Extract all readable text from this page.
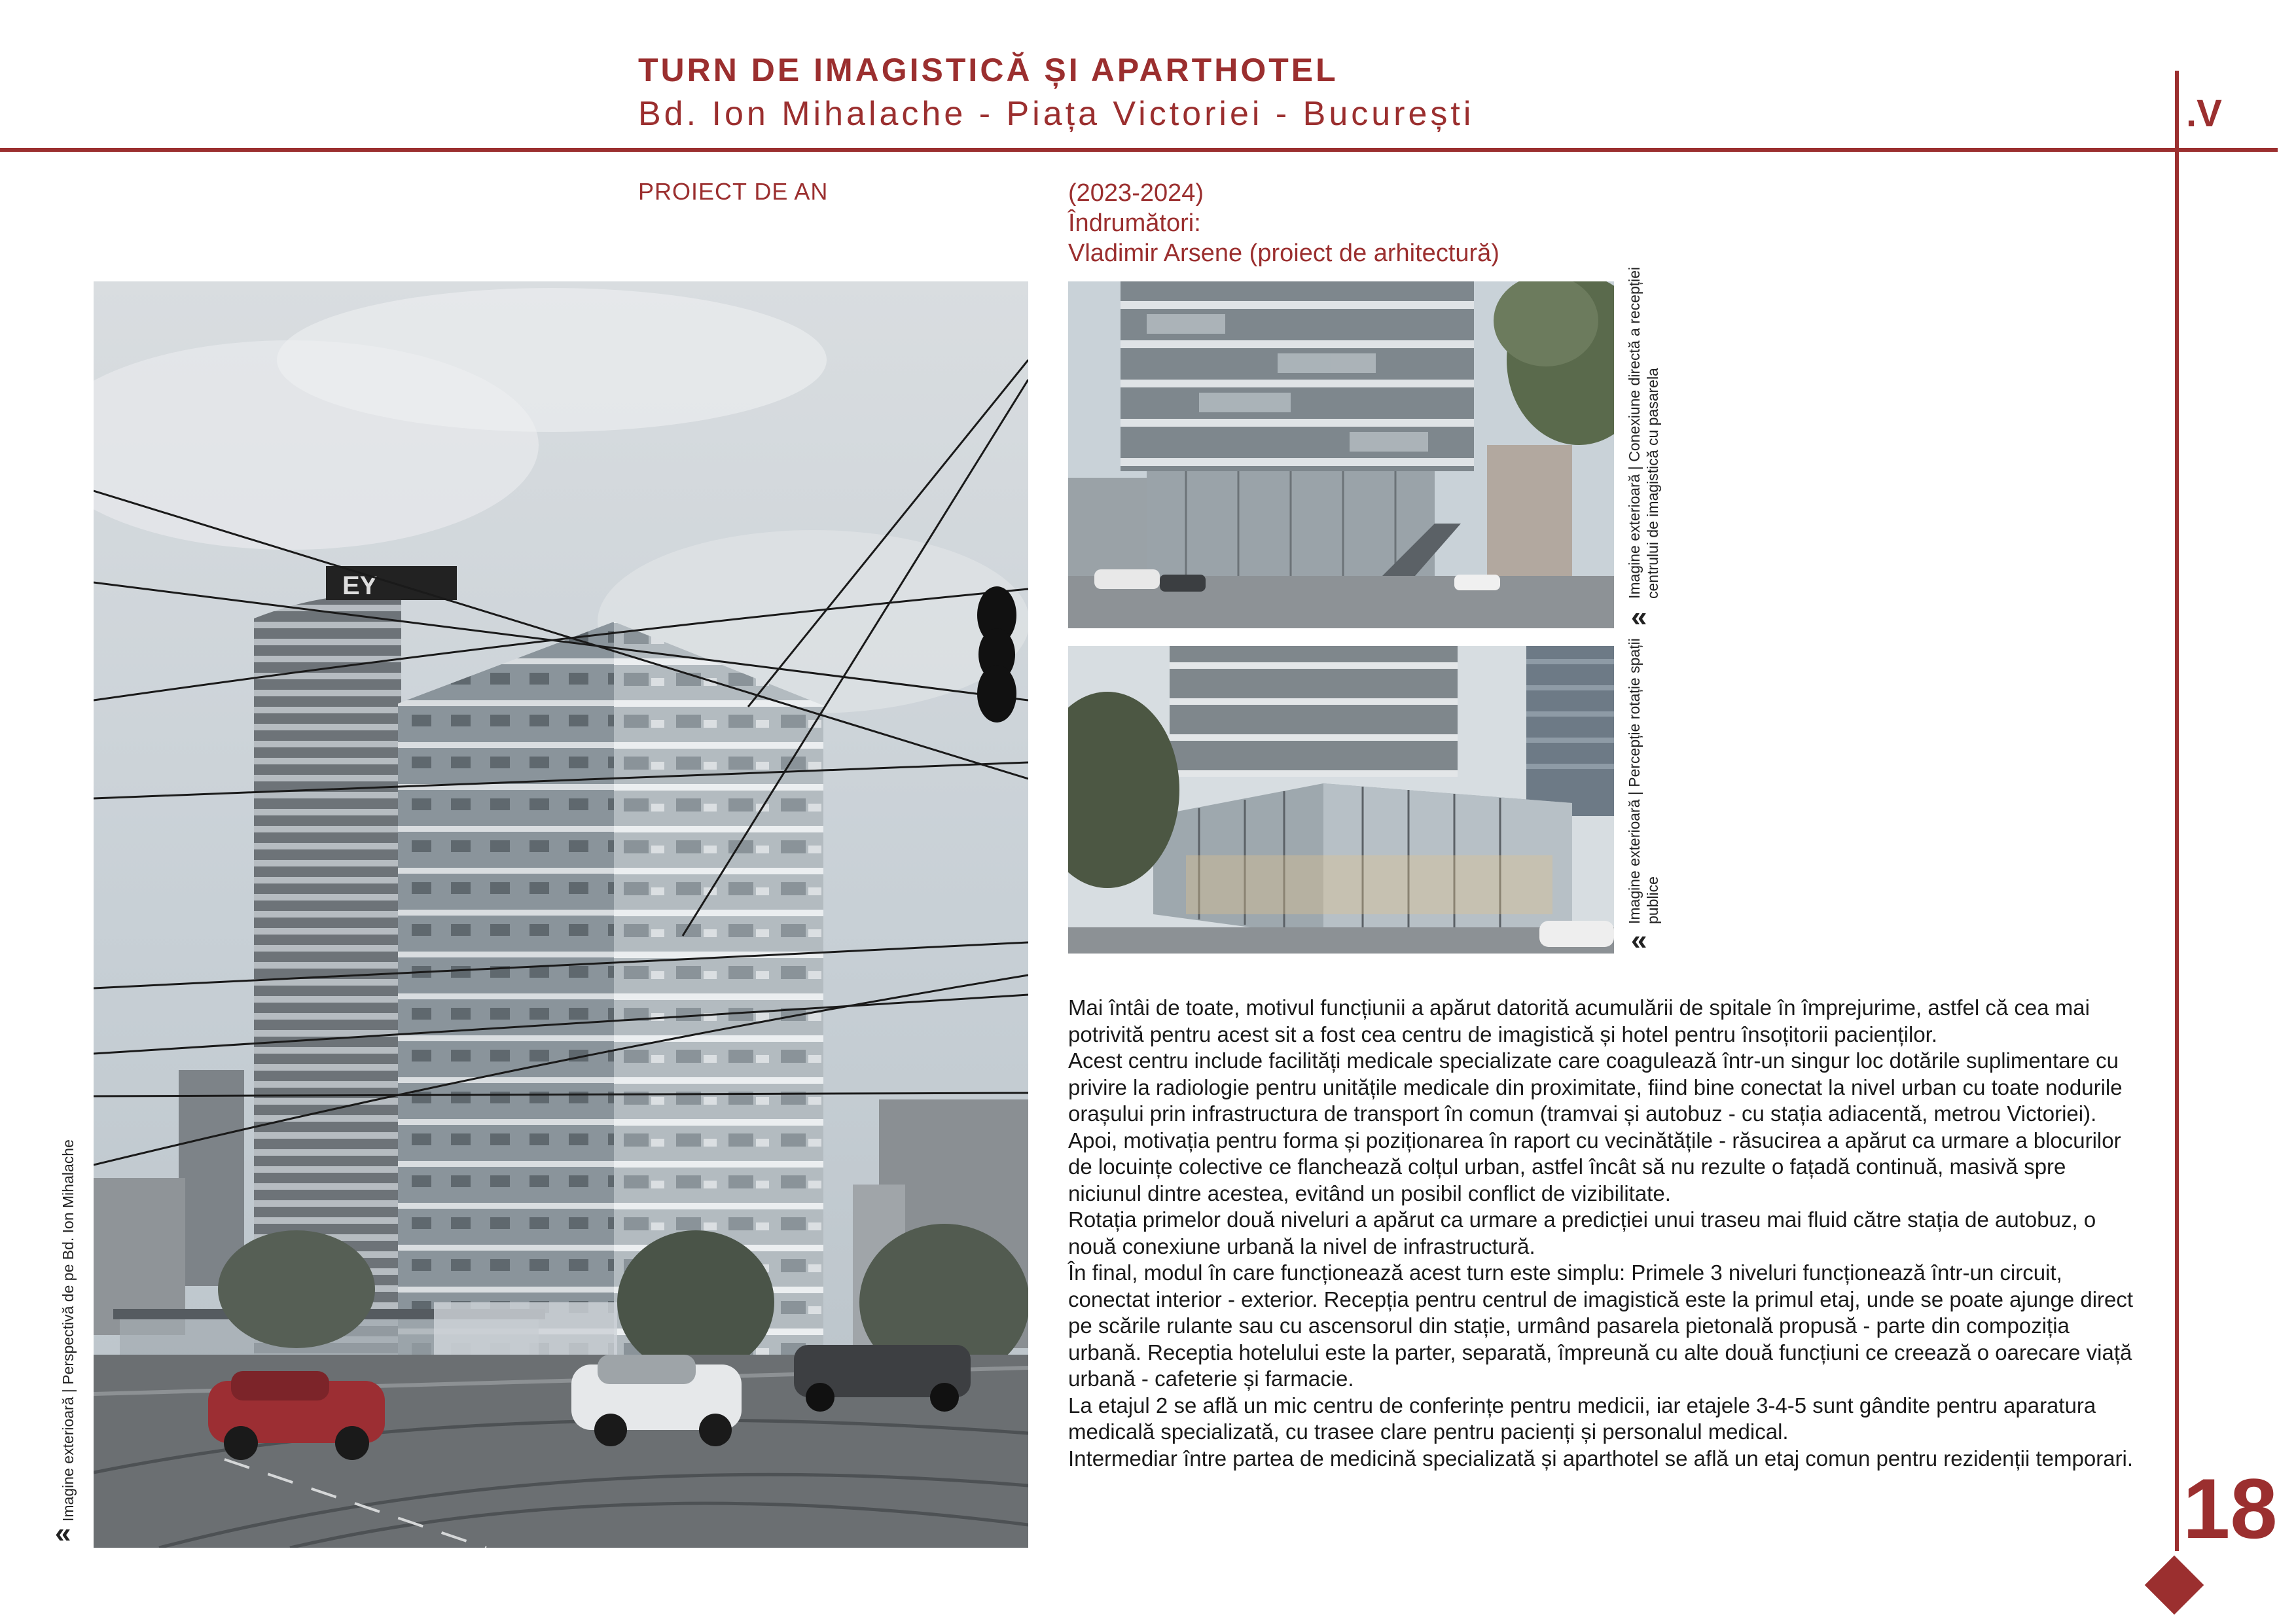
TURN DE IMAGISTICĂ ȘI APARTHOTEL
Bd. Ion Mihalache - Piața Victoriei - București	.V
PROIECT DE AN	(2023-2024)
Îndrumători:
Vladimir Arsene (proiect de arhitectură)
EY
«
Imagine exterioară | Perspectivă de pe Bd. Ion Mihalache
«
Imagine exterioară | Conexiune directă a recepției centrului de imagistică cu pasarela
«
Imagine exterioară | Percepție rotație spații publice

Mai întâi de toate, motivul funcțiunii a apărut datorită acumulării de spitale în împrejurime, astfel că cea mai potrivită pentru acest sit a fost cea centru de imagistică și hotel pentru însoțitorii pacienților.

Acest centru include facilități medicale specializate care coagulează într-un singur loc dotările suplimentare cu privire la radiologie pentru unitățile medicale din proximitate, fiind bine conectat la nivel urban cu toate nodurile orașului prin infrastructura de transport în comun (tramvai și autobuz - cu stația adiacentă, metrou Victoriei).

Apoi, motivația pentru forma și poziționarea în raport cu vecinătățile - răsucirea a apărut ca urmare a blocurilor de locuințe colective ce flanchează colțul urban, astfel încât să nu rezulte o fațadă continuă, masivă spre niciunul dintre acestea, evitând un posibil conflict de vizibilitate.

Rotația primelor două niveluri a apărut ca urmare a predicției unui traseu mai fluid către stația de autobuz, o nouă conexiune urbană la nivel de infrastructură.

În final, modul în care funcționează acest turn este simplu: Primele 3 niveluri funcționează într-un circuit, conectat interior - exterior. Recepția pentru centrul de imagistică este la primul etaj, unde se poate ajunge direct pe scările rulante sau cu ascensorul din stație, urmând pasarela pietonală propusă - parte din compoziția urbană. Receptia hotelului este la parter, separată, împreună cu alte două funcțiuni ce creează o oarecare viață urbană - cafeterie și farmacie.

La etajul 2 se află un mic centru de conferințe pentru medicii, iar etajele 3-4-5 sunt gândite pentru aparatura medicală specializată, cu trasee clare pentru pacienți și personalul medical.

Intermediar între partea de medicină specializată și aparthotel se află un etaj comun pentru rezidenții temporari.

18
